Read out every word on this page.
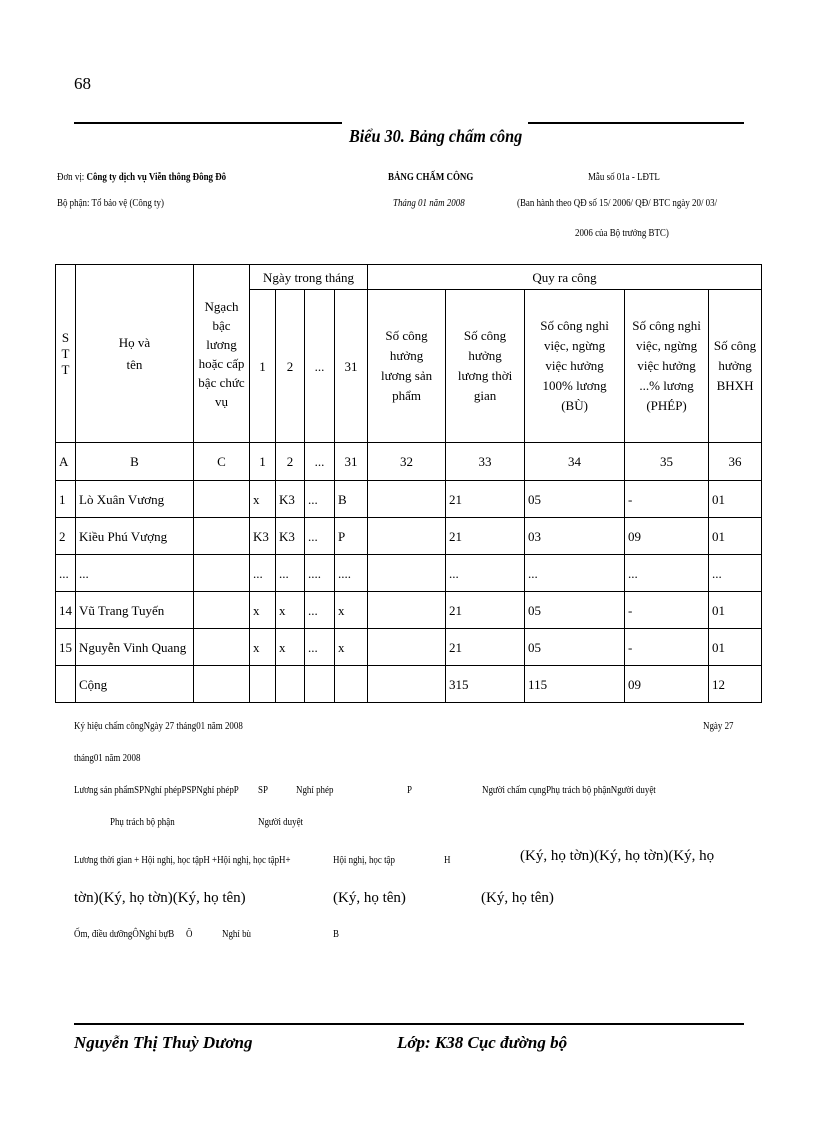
68
Biểu 30. Bảng chấm công
Đơn vị: Công ty dịch vụ Viễn thông Đông Đô
Bộ phận: Tổ bảo vệ (Công ty)
BẢNG CHẤM CÔNG
Tháng 01 năm 2008
Mẫu số 01a - LĐTL
(Ban hành theo QĐ số 15/ 2006/ QĐ/ BTC ngày 20/ 03/
2006 của Bộ trưởng BTC)
S T T	Họ và tên	Ngạch bậc lương hoặc cấp bậc chức vụ	Ngày trong tháng				Quy ra công				
			1	2	...	31	Số công hưởng lương sản phẩm	Số công hưởng lương thời gian	Số công nghỉ việc, ngừng việc hưởng 100% lương (BÙ)	Số công nghỉ việc, ngừng việc hưởng ...% lương (PHÉP)	Số công hưởng BHXH
A	B	C	1	2	...	31	32	33	34	35	36
1	Lò Xuân Vương		x	K3	...	B		21	05	-	01
2	Kiều Phú Vượng		K3	K3	...	P		21	03	09	01
...	...		...	...	....	....		...	...	...	...
14	Vũ Trang Tuyến		x	x	...	x		21	05	-	01
15	Nguyễn Vinh Quang		x	x	...	x		21	05	-	01
	Cộng							315	115	09	12
Ký hiệu chấm côngNgày 27 tháng01 năm 2008	Ngày 27
tháng01 năm 2008
Lương sản phẩmSPNghỉ phépPSPNghỉ phépP SP	Nghỉ phép	P	Người chấm cụngPhụ trách bộ phậnNgười duyệt
Phụ trách bộ phận	Người duyệt
Lương thời gian + Hội nghị, học tậpH +Hội nghị, học tậpH+	Hội nghị, học tập	H	(Ký, họ tờn)(Ký, họ tờn)(Ký, họ
tờn)(Ký, họ tờn)(Ký, họ tên)	(Ký, họ tên)	(Ký, họ tên)
Ốm, điều dưỡngÔNghỉ bựB Ô	Nghỉ bù	B
Nguyễn Thị Thuỳ Dương	Lớp: K38 Cục đường bộ
